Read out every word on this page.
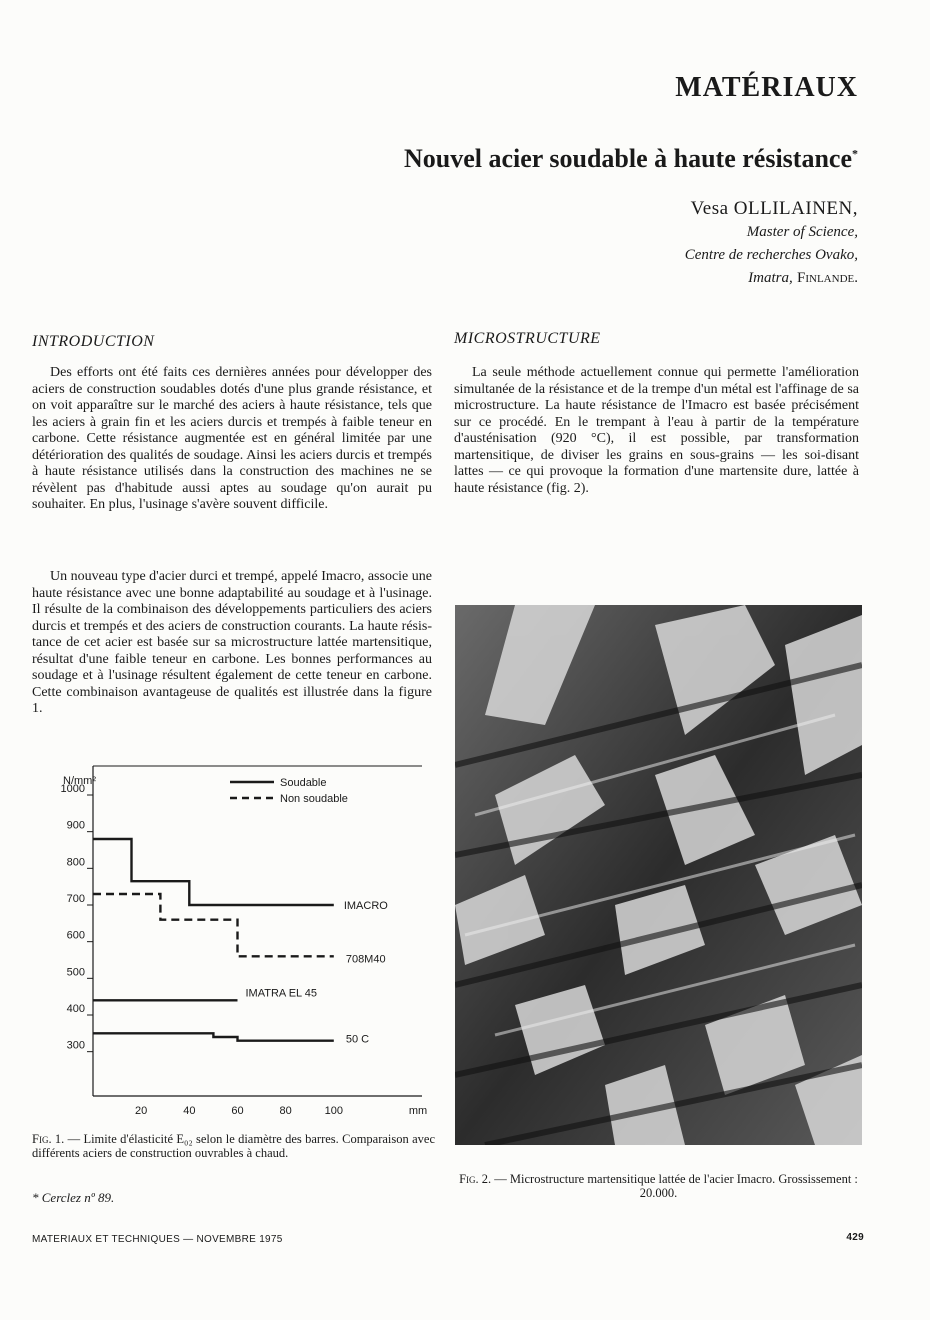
MATÉRIAUX
Nouvel acier soudable à haute résistance*
Vesa OLLILAINEN,
Master of Science,
Centre de recherches Ovako,
Imatra, Finlande.
INTRODUCTION
Des efforts ont été faits ces dernières années pour développer des aciers de construction soudables dotés d'une plus grande résistance, et on voit apparaître sur le marché des aciers à haute résistance, tels que les aciers à grain fin et les aciers durcis et trempés à faible teneur en carbone. Cette résistance augmentée est en général limitée par une détérioration des qualités de soudage. Ainsi les aciers durcis et trempés à haute résistance utilisés dans la construction des machines ne se révèlent pas d'habitude aussi aptes au soudage qu'on aurait pu souhaiter. En plus, l'usinage s'avère souvent difficile.
Un nouveau type d'acier durci et trempé, appelé Imacro, associe une haute résistance avec une bonne adaptabilité au soudage et à l'usinage. Il résulte de la combinaison des développements particuliers des aciers durcis et trempés et des aciers de construction courants. La haute résistance de cet acier est basée sur sa microstructure lattée martensitique, résultat d'une faible teneur en carbone. Les bonnes performances au soudage et à l'usinage résultent également de cette teneur en carbone. Cette combinaison avantageuse de qualités est illustrée dans la figure 1.
300
400
500
600
700
800
900
1000
N/mm²
20	40	60	80	100	mm
Soudable
Non soudable
IMACRO
708M40
IMATRA EL 45
50 C
Fig. 1. — Limite d'élasticité E₀₂ selon le diamètre des barres. Comparaison avec différents aciers de construction ouvrables à chaud.
* Cerclez nº 89.
MICROSTRUCTURE
La seule méthode actuellement connue qui permette l'amélioration simultanée de la résistance et de la trempe d'un métal est l'affinage de sa microstructure. La haute résistance de l'Imacro est basée précisément sur ce procédé. En le trempant à l'eau à partir de la température d'austénisation (920 °C), il est possible, par transformation martensitique, de diviser les grains en sous-grains — les soi-disant lattes — ce qui provoque la formation d'une martensite dure, lattée à haute résistance (fig. 2).
Fig. 2. — Microstructure martensitique lattée de l'acier Imacro. Grossissement : 20.000.
MATERIAUX ET TECHNIQUES — NOVEMBRE 1975	429
